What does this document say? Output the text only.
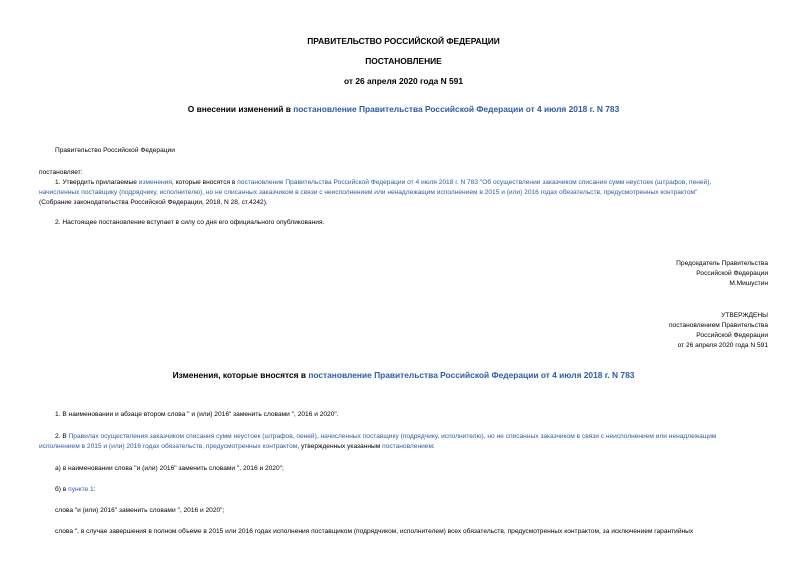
ПРАВИТЕЛЬСТВО РОССИЙСКОЙ ФЕДЕРАЦИИ
ПОСТАНОВЛЕНИЕ
от 26 апреля 2020 года N 591
О внесении изменений в постановление Правительства Российской Федерации от 4 июля 2018 г. N 783
Правительство Российской Федерации
постановляет:
1. Утвердить прилагаемые изменения, которые вносятся в постановление Правительства Российской Федерации от 4 июля 2018 г. N 783 "Об осуществлении заказчиком списания сумм неустоек (штрафов, пеней),
начисленных поставщику (подрядчику, исполнителю), но не списанных заказчиком в связи с неисполнением или ненадлежащим исполнением в 2015 и (или) 2016 годах обязательств, предусмотренных контрактом"
(Собрание законодательства Российской Федерации, 2018, N 28, ст.4242).
2. Настоящее постановление вступает в силу со дня его официального опубликования.
Председатель Правительства
Российской Федерации
М.Мишустин
УТВЕРЖДЕНЫ
постановлением Правительства
Российской Федерации
от 26 апреля 2020 года N 591
Изменения, которые вносятся в постановление Правительства Российской Федерации от 4 июля 2018 г. N 783
1. В наименовании и абзаце втором слова " и (или) 2016" заменить словами ", 2016 и 2020".
2. В Правилах осуществления заказчиком списания сумм неустоек (штрафов, пеней), начисленных поставщику (подрядчику, исполнителю), но не списанных заказчиком в связи с неисполнением или ненадлежащим
исполнением в 2015 и (или) 2016 годах обязательств, предусмотренных контрактом, утвержденных указанным постановлением:
а) в наименовании слова "и (или) 2016" заменить словами ", 2016 и 2020";
б) в пункте 1:
слова "и (или) 2016" заменить словами ", 2016 и 2020";
слова ", в случае завершения в полном объеме в 2015 или 2016 годах исполнения поставщиком (подрядчиком, исполнителем) всех обязательств, предусмотренных контрактом, за исключением гарантийных
